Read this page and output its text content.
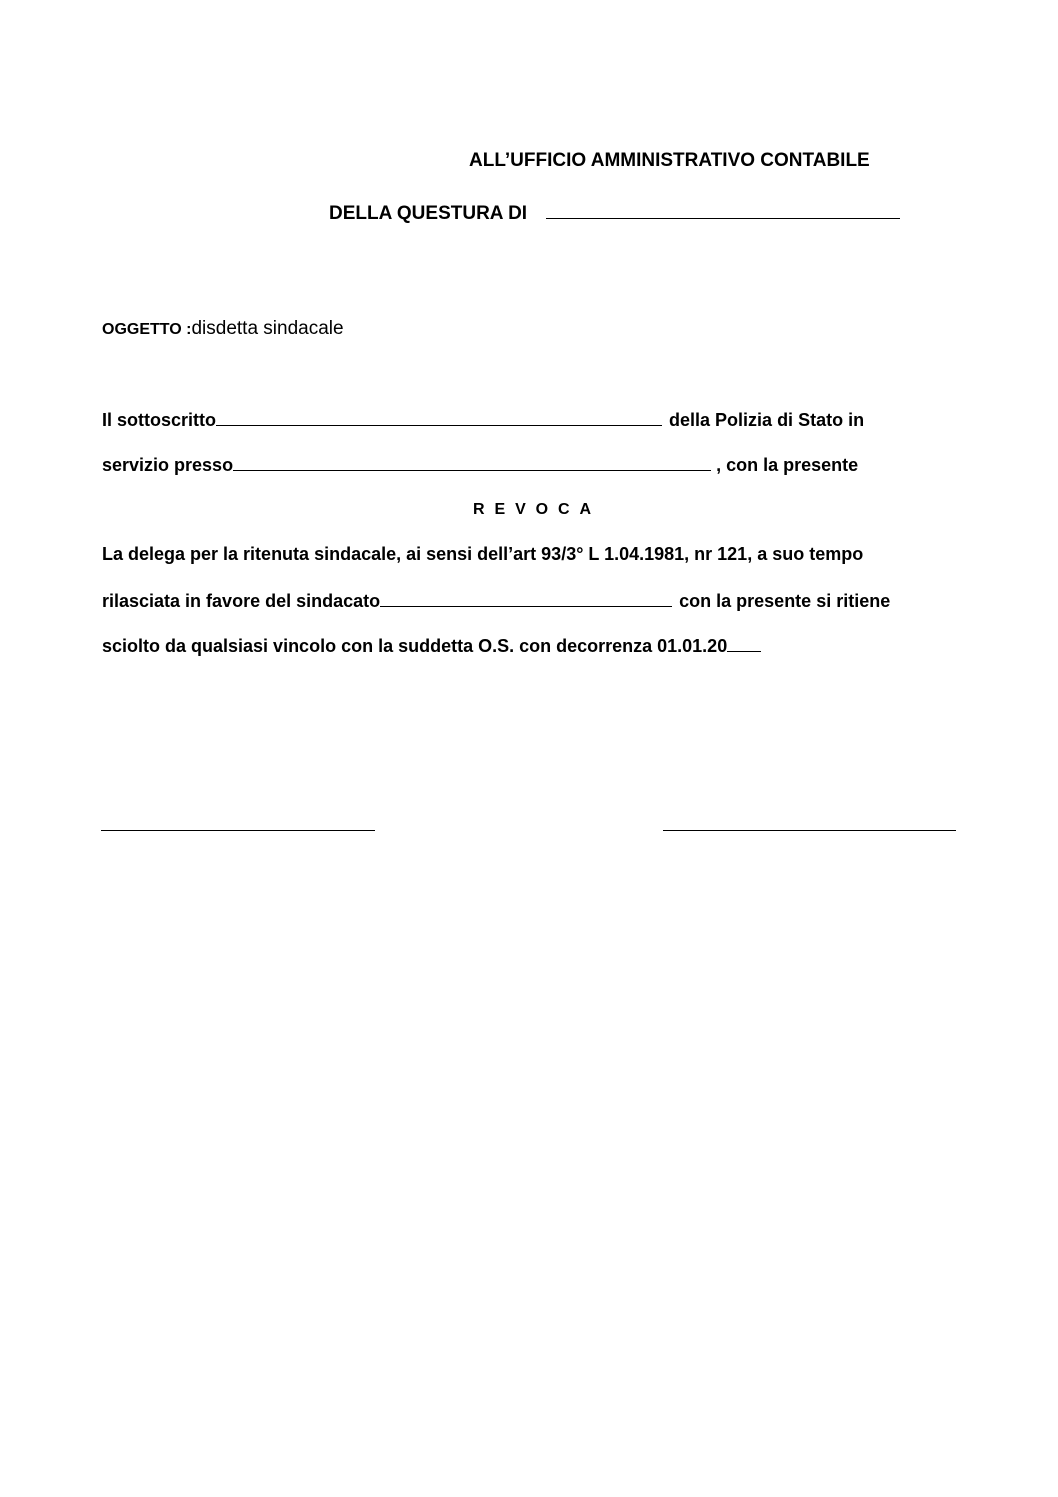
ALL’UFFICIO AMMINISTRATIVO CONTABILE
DELLA QUESTURA DI
OGGETTO :disdetta sindacale
Il sottoscritto	della Polizia di Stato in
servizio presso	, con la presente
REVOCA
La delega per la ritenuta sindacale, ai sensi dell’art 93/3° L 1.04.1981, nr 121, a suo tempo
rilasciata in favore del sindacato	con la presente si ritiene
sciolto da qualsiasi vincolo con la suddetta O.S. con decorrenza 01.01.20
